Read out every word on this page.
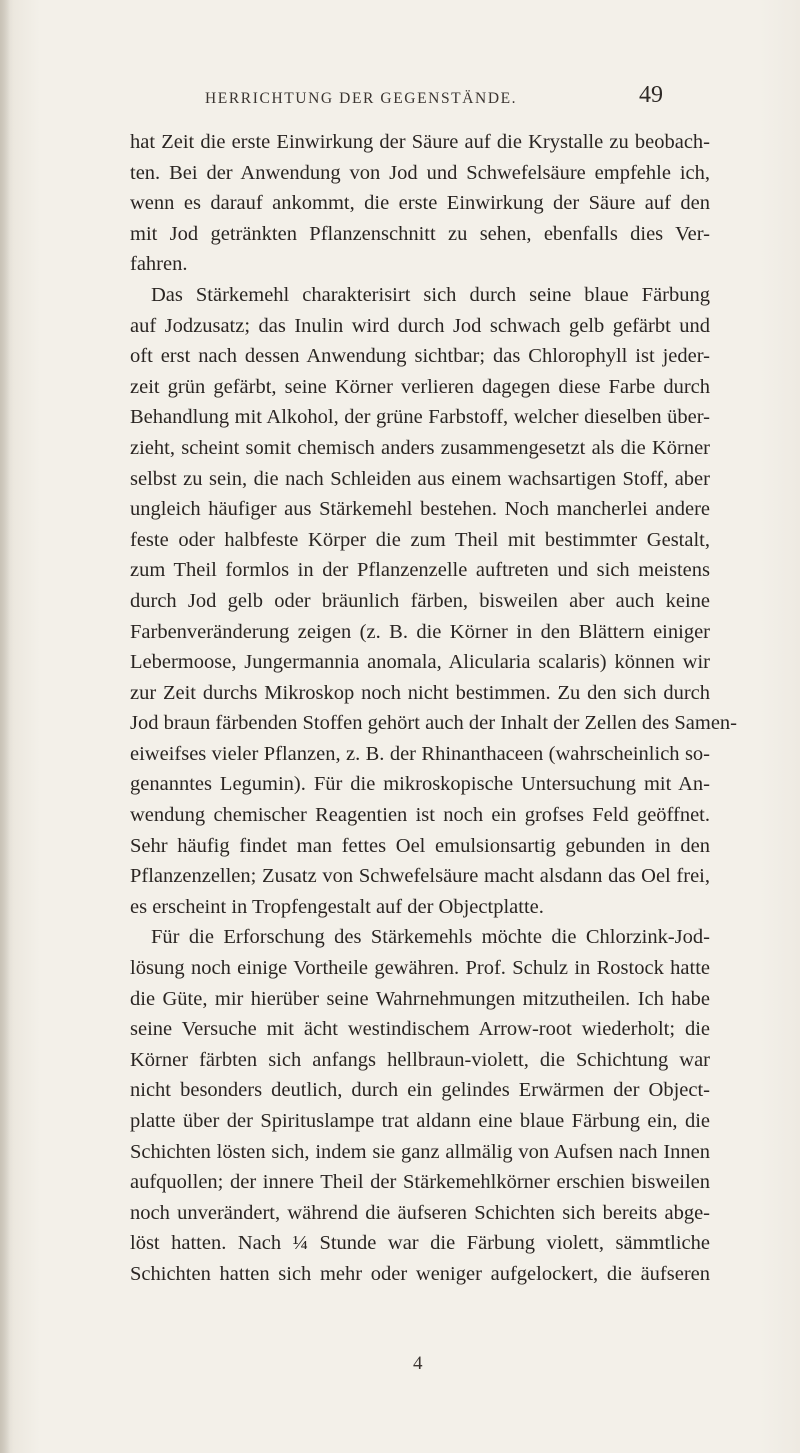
HERRICHTUNG DER GEGENSTÄNDE.	49
hat Zeit die erste Einwirkung der Säure auf die Krystalle zu beobach-
ten. Bei der Anwendung von Jod und Schwefelsäure empfehle ich,
wenn es darauf ankommt, die erste Einwirkung der Säure auf den
mit Jod getränkten Pflanzenschnitt zu sehen, ebenfalls dies Ver-
fahren.
Das Stärkemehl charakterisirt sich durch seine blaue Färbung
auf Jodzusatz; das Inulin wird durch Jod schwach gelb gefärbt und
oft erst nach dessen Anwendung sichtbar; das Chlorophyll ist jeder-
zeit grün gefärbt, seine Körner verlieren dagegen diese Farbe durch
Behandlung mit Alkohol, der grüne Farbstoff, welcher dieselben über-
zieht, scheint somit chemisch anders zusammengesetzt als die Körner
selbst zu sein, die nach Schleiden aus einem wachsartigen Stoff, aber
ungleich häufiger aus Stärkemehl bestehen. Noch mancherlei andere
feste oder halbfeste Körper die zum Theil mit bestimmter Gestalt,
zum Theil formlos in der Pflanzenzelle auftreten und sich meistens
durch Jod gelb oder bräunlich färben, bisweilen aber auch keine
Farbenveränderung zeigen (z. B. die Körner in den Blättern einiger
Lebermoose, Jungermannia anomala, Alicularia scalaris) können wir
zur Zeit durchs Mikroskop noch nicht bestimmen. Zu den sich durch
Jod braun färbenden Stoffen gehört auch der Inhalt der Zellen des Samen-
eiweifses vieler Pflanzen, z. B. der Rhinanthaceen (wahrscheinlich so-
genanntes Legumin). Für die mikroskopische Untersuchung mit An-
wendung chemischer Reagentien ist noch ein grofses Feld geöffnet.
Sehr häufig findet man fettes Oel emulsionsartig gebunden in den
Pflanzenzellen; Zusatz von Schwefelsäure macht alsdann das Oel frei,
es erscheint in Tropfengestalt auf der Objectplatte.
Für die Erforschung des Stärkemehls möchte die Chlorzink-Jod-
lösung noch einige Vortheile gewähren. Prof. Schulz in Rostock hatte
die Güte, mir hierüber seine Wahrnehmungen mitzutheilen. Ich habe
seine Versuche mit ächt westindischem Arrow-root wiederholt; die
Körner färbten sich anfangs hellbraun-violett, die Schichtung war
nicht besonders deutlich, durch ein gelindes Erwärmen der Object-
platte über der Spirituslampe trat aldann eine blaue Färbung ein, die
Schichten lösten sich, indem sie ganz allmälig von Aufsen nach Innen
aufquollen; der innere Theil der Stärkemehlkörner erschien bisweilen
noch unverändert, während die äufseren Schichten sich bereits abge-
löst hatten. Nach ¼ Stunde war die Färbung violett, sämmtliche
Schichten hatten sich mehr oder weniger aufgelockert, die äufseren
4
